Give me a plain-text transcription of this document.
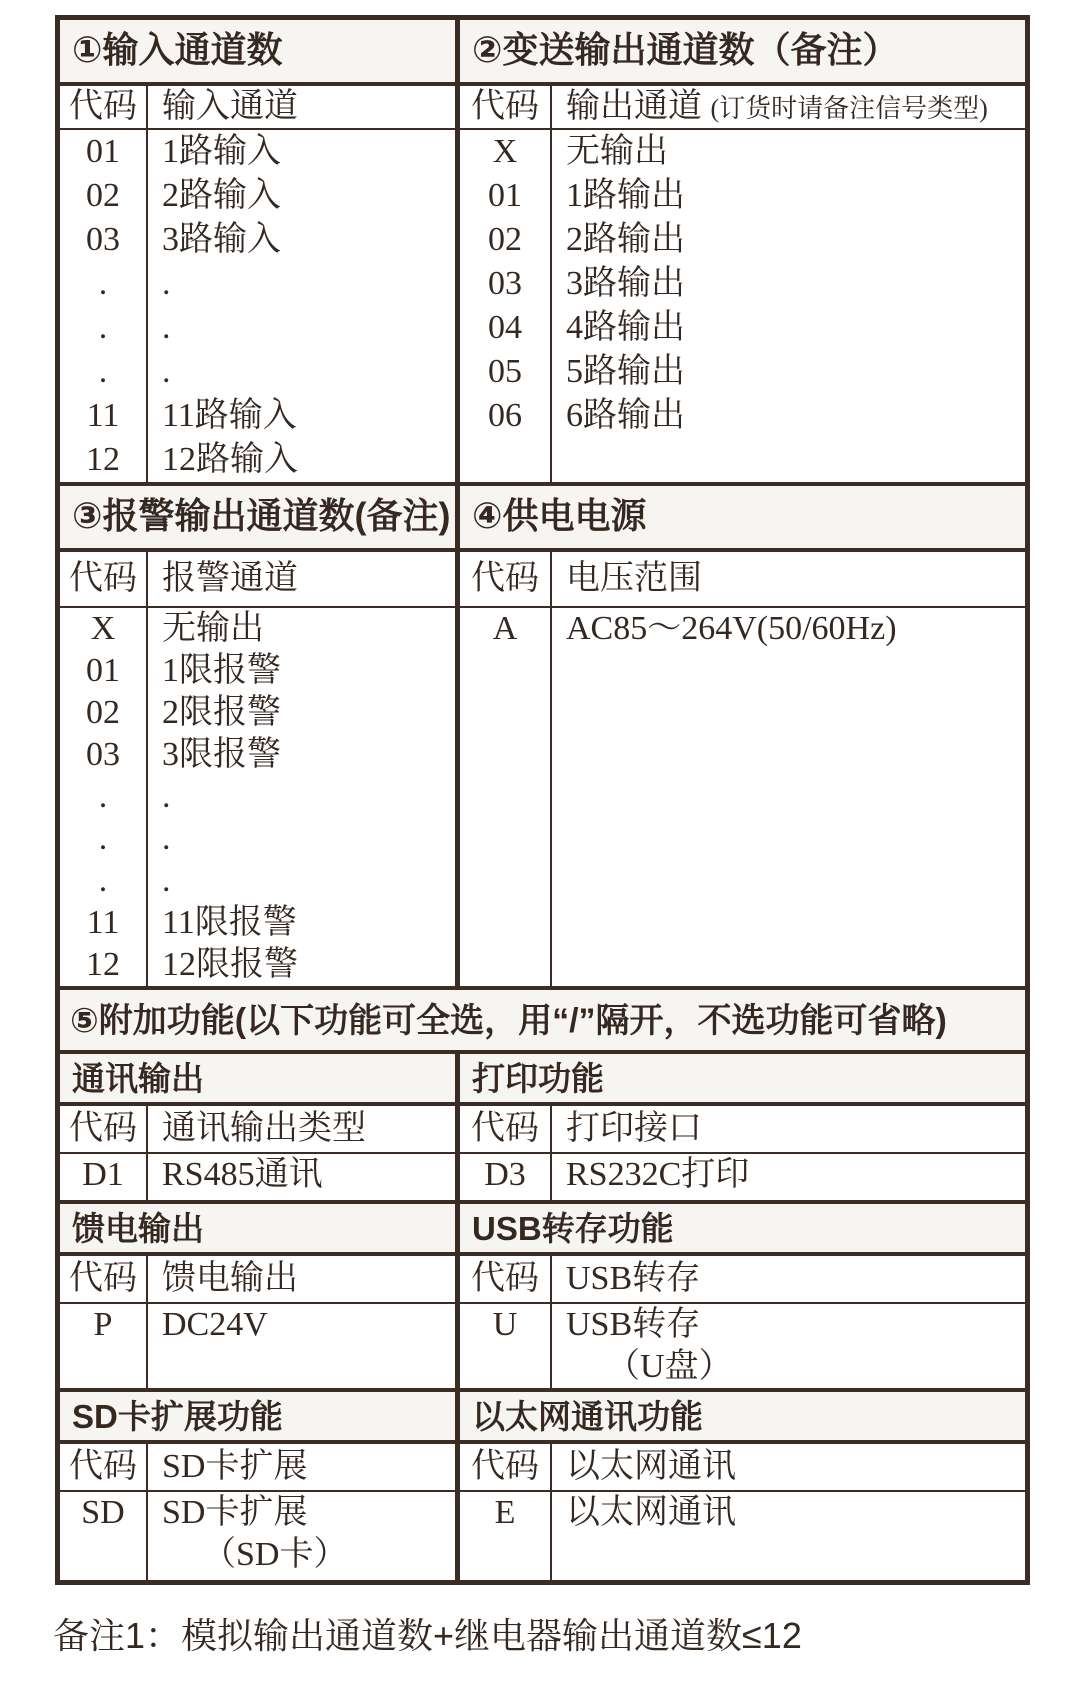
①输入通道数	②变送输出通道数（备注）
代码
01
02
03
.
.
.
11
12
输入通道
1路输入
2路输入
3路输入
.
.
.
11路输入
12路输入
代码
X
01
02
03
04
05
06
输出通道 (订货时请备注信号类型)
无输出
1路输出
2路输出
3路输出
4路输出
5路输出
6路输出
③报警输出通道数(备注) ④供电电源
代码
X
01
02
03
.
.
.
11
12
报警通道
无输出
1限报警
2限报警
3限报警
.
.
.
11限报警
12限报警
代码
A
电压范围
AC85～264V(50/60Hz)
⑤附加功能(以下功能可全选，用“/”隔开，不选功能可省略)
通讯输出
代码
D1
通讯输出类型
RS485通讯
打印功能
代码
D3
打印接口
RS232C打印
馈电输出
代码
P
馈电输出
DC24V
USB转存功能
代码
U
USB转存
USB转存
（U盘）
SD卡扩展功能
代码
SD
SD卡扩展
SD卡扩展
（SD卡）
以太网通讯功能
代码
E
以太网通讯
以太网通讯
备注1：模拟输出通道数+继电器输出通道数≤12
